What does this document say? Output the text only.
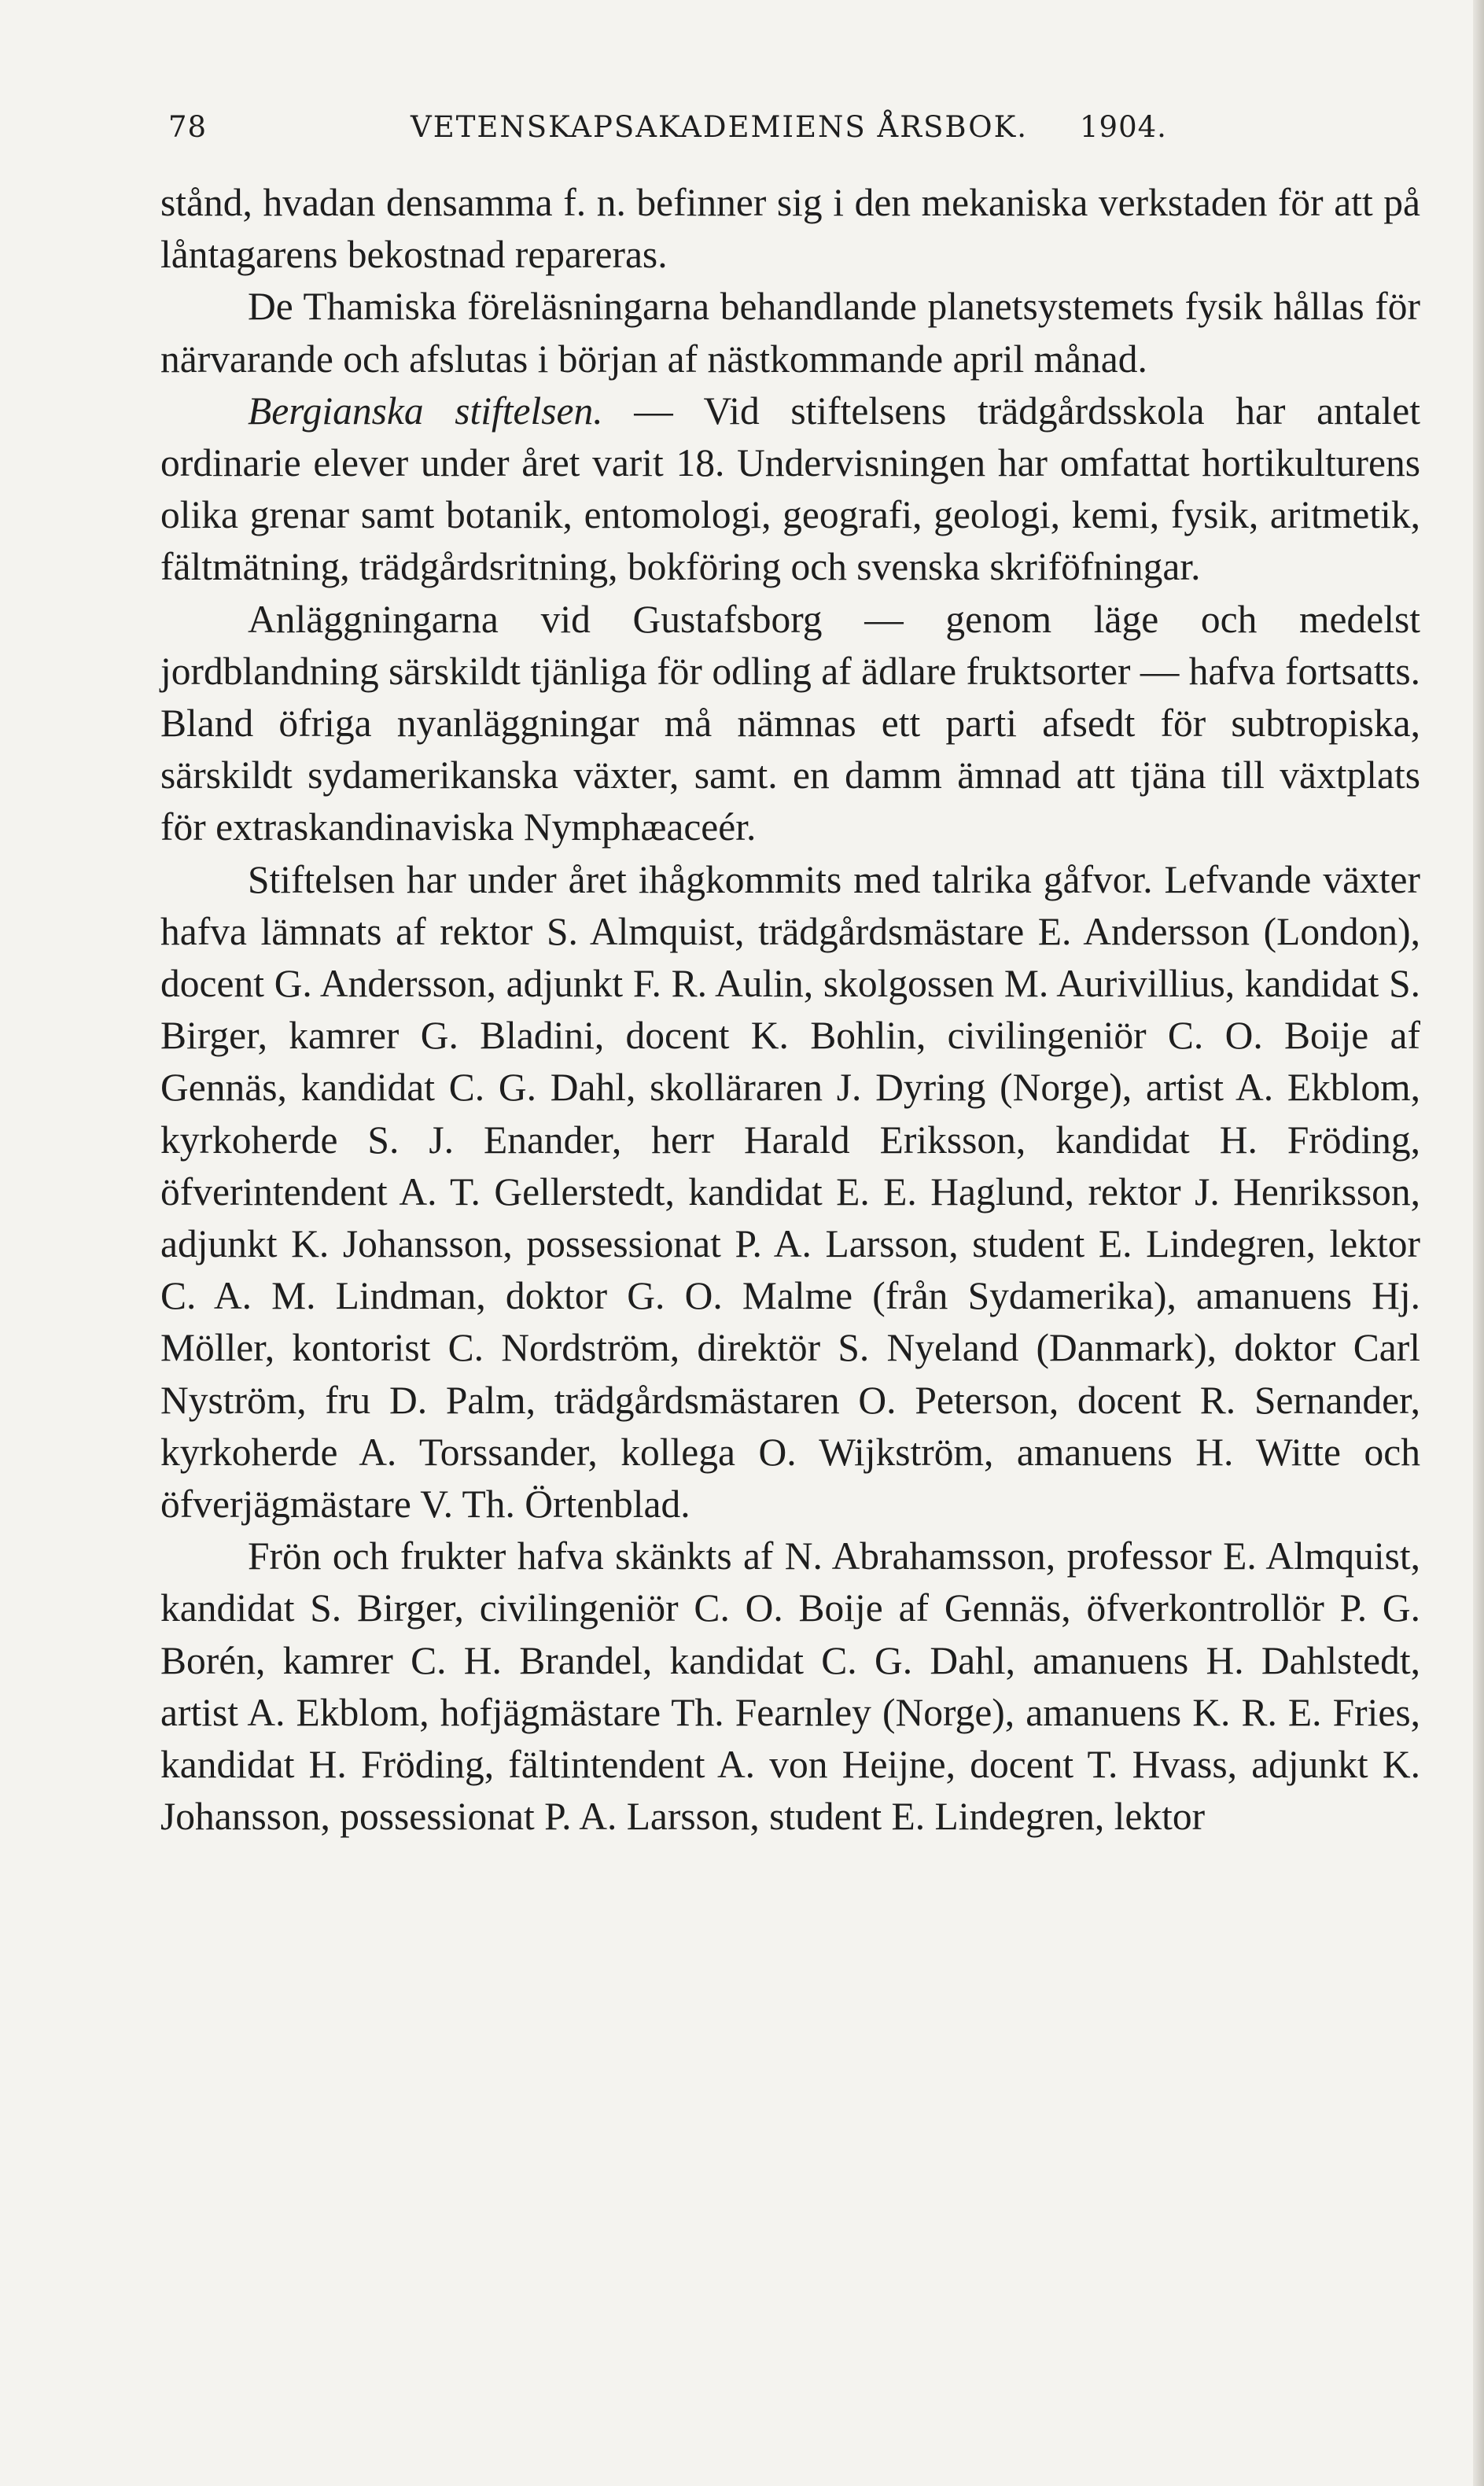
78	VETENSKAPSAKADEMIENS ÅRSBOK. 1904.

stånd, hvadan densamma f. n. befinner sig i den mekaniska verkstaden för att på låntagarens bekostnad repareras.

De Thamiska föreläsningarna behandlande planetsystemets fysik hållas för närvarande och afslutas i början af nästkommande april månad.

Bergianska stiftelsen. — Vid stiftelsens trädgårdsskola har antalet ordinarie elever under året varit 18. Undervisningen har omfattat hortikulturens olika grenar samt botanik, entomologi, geografi, geologi, kemi, fysik, aritmetik, fältmätning, trädgårdsritning, bokföring och svenska skriföfningar.

Anläggningarna vid Gustafsborg — genom läge och medelst jordblandning särskildt tjänliga för odling af ädlare fruktsorter — hafva fortsatts. Bland öfriga nyanläggningar må nämnas ett parti afsedt för subtropiska, särskildt sydamerikanska växter, samt. en damm ämnad att tjäna till växtplats för extraskandinaviska Nymphæaceér.

Stiftelsen har under året ihågkommits med talrika gåfvor. Lefvande växter hafva lämnats af rektor S. Almquist, trädgårdsmästare E. Andersson (London), docent G. Andersson, adjunkt F. R. Aulin, skolgossen M. Aurivillius, kandidat S. Birger, kamrer G. Bladini, docent K. Bohlin, civilingeniör C. O. Boije af Gennäs, kandidat C. G. Dahl, skolläraren J. Dyring (Norge), artist A. Ekblom, kyrkoherde S. J. Enander, herr Harald Eriksson, kandidat H. Fröding, öfverintendent A. T. Gellerstedt, kandidat E. E. Haglund, rektor J. Henriksson, adjunkt K. Johansson, possessionat P. A. Larsson, student E. Lindegren, lektor C. A. M. Lindman, doktor G. O. Malme (från Sydamerika), amanuens Hj. Möller, kontorist C. Nordström, direktör S. Nyeland (Danmark), doktor Carl Nyström, fru D. Palm, trädgårdsmästaren O. Peterson, docent R. Sernander, kyrkoherde A. Torssander, kollega O. Wijkström, amanuens H. Witte och öfverjägmästare V. Th. Örtenblad.

Frön och frukter hafva skänkts af N. Abrahamsson, professor E. Almquist, kandidat S. Birger, civilingeniör C. O. Boije af Gennäs, öfverkontrollör P. G. Borén, kamrer C. H. Brandel, kandidat C. G. Dahl, amanuens H. Dahlstedt, artist A. Ekblom, hofjägmästare Th. Fearnley (Norge), amanuens K. R. E. Fries, kandidat H. Fröding, fältintendent A. von Heijne, docent T. Hvass, adjunkt K. Johansson, possessionat P. A. Larsson, student E. Lindegren, lektor
